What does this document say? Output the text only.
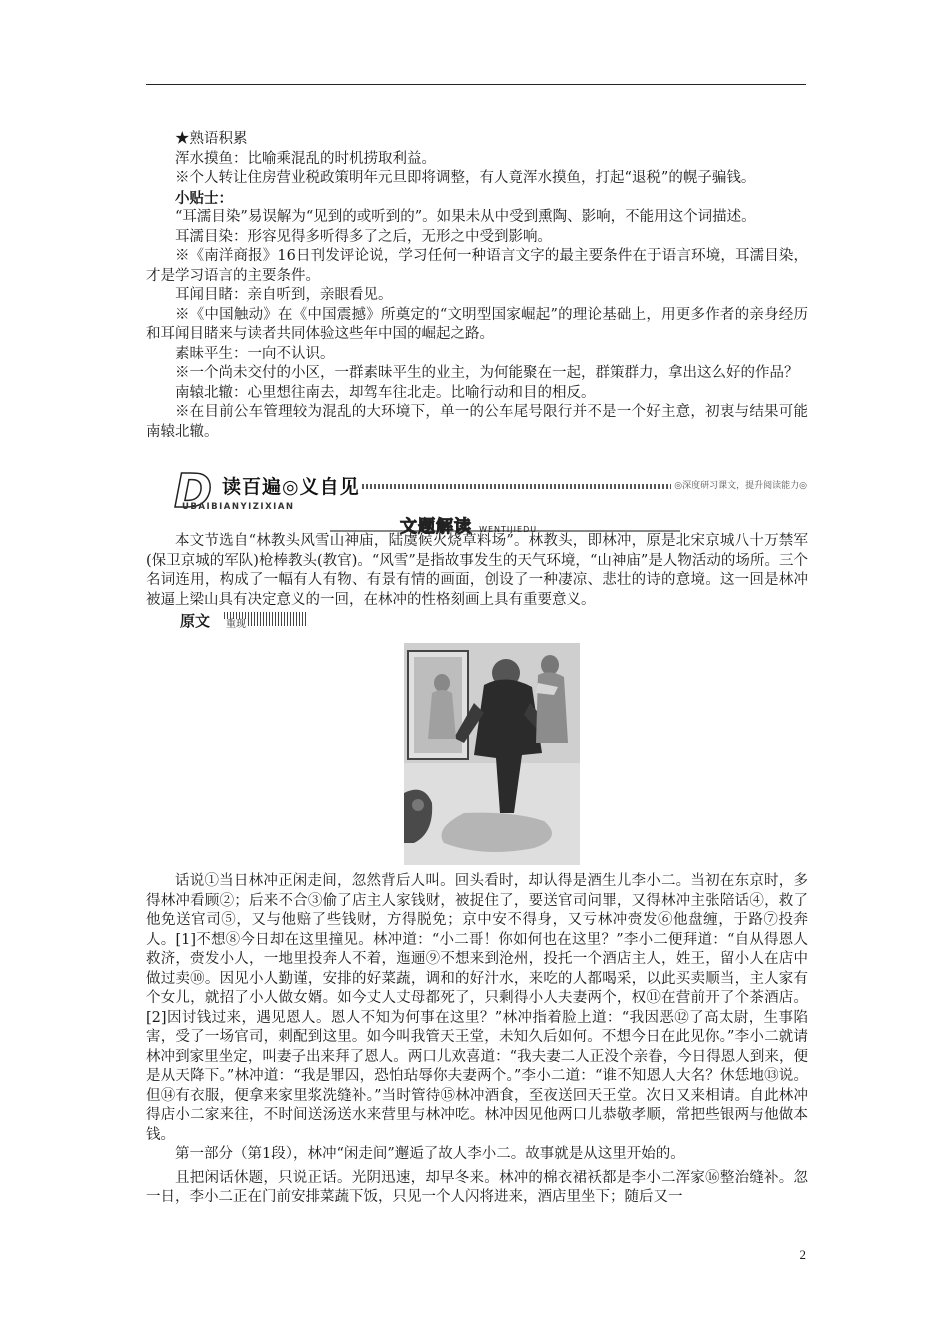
★熟语积累

浑水摸鱼：比喻乘混乱的时机捞取利益。

※个人转让住房营业税政策明年元旦即将调整，有人竟浑水摸鱼，打起“退税”的幌子骗钱。

小贴士：

“耳濡目染”易误解为“见到的或听到的”。如果未从中受到熏陶、影响，不能用这个词描述。

耳濡目染：形容见得多听得多了之后，无形之中受到影响。

※《南洋商报》16日刊发评论说，学习任何一种语言文字的最主要条件在于语言环境，耳濡目染，才是学习语言的主要条件。

耳闻目睹：亲自听到，亲眼看见。

※《中国触动》在《中国震撼》所奠定的“文明型国家崛起”的理论基础上，用更多作者的亲身经历和耳闻目睹来与读者共同体验这些年中国的崛起之路。

素昧平生：一向不认识。

※一个尚未交付的小区，一群素昧平生的业主，为何能聚在一起，群策群力，拿出这么好的作品？

南辕北辙：心里想往南去，却驾车往北走。比喻行动和目的相反。

※在目前公车管理较为混乱的大环境下，单一的公车尾号限行并不是一个好主意，初衷与结果可能南辕北辙。

D 读百遍◎义自见
UBAIBIANYIZIXIAN
◎深度研习课文，提升阅读能力◎
文题解读 WENTIJIEDU

本文节选自“林教头风雪山神庙，陆虞候火烧草料场”。林教头，即林冲，原是北宋京城八十万禁军(保卫京城的军队)枪棒教头(教官)。“风雪”是指故事发生的天气环境，“山神庙”是人物活动的场所。三个名词连用，构成了一幅有人有物、有景有情的画面，创设了一种凄凉、悲壮的诗的意境。这一回是林冲被逼上梁山具有决定意义的一回，在林冲的性格刻画上具有重要意义。

原文 重现

话说①当日林冲正闲走间，忽然背后人叫。回头看时，却认得是酒生儿李小二。当初在东京时，多得林冲看顾②；后来不合③偷了店主人家钱财，被捉住了，要送官司问罪，又得林冲主张陪话④，救了他免送官司⑤，又与他赔了些钱财，方得脱免；京中安不得身，又亏林冲赍发⑥他盘缠，于路⑦投奔人。[1]不想⑧今日却在这里撞见。林冲道：“小二哥！你如何也在这里？”李小二便拜道：“自从得恩人救济，赍发小人，一地里投奔人不着，迤逦⑨不想来到沧州，投托一个酒店主人，姓王，留小人在店中做过卖⑩。因见小人勤谨，安排的好菜蔬，调和的好汁水，来吃的人都喝采，以此买卖顺当，主人家有个女儿，就招了小人做女婿。如今丈人丈母都死了，只剩得小人夫妻两个，权⑪在营前开了个茶酒店。[2]因讨钱过来，遇见恩人。恩人不知为何事在这里？”林冲指着脸上道：“我因恶⑫了高太尉，生事陷害，受了一场官司，刺配到这里。如今叫我管天王堂，未知久后如何。不想今日在此见你。”李小二就请林冲到家里坐定，叫妻子出来拜了恩人。两口儿欢喜道：“我夫妻二人正没个亲眷，今日得恩人到来，便是从天降下。”林冲道：“我是罪囚，恐怕玷辱你夫妻两个。”李小二道：“谁不知恩人大名？休恁地⑬说。但⑭有衣服，便拿来家里浆洗缝补。”当时管待⑮林冲酒食，至夜送回天王堂。次日又来相请。自此林冲得店小二家来往，不时间送汤送水来营里与林冲吃。林冲因见他两口儿恭敬孝顺，常把些银两与他做本钱。

第一部分（第1段），林冲“闲走间”邂逅了故人李小二。故事就是从这里开始的。

且把闲话休题，只说正话。光阴迅速，却早冬来。林冲的棉衣裙袄都是李小二浑家⑯整治缝补。忽一日，李小二正在门前安排菜蔬下饭，只见一个人闪将进来，酒店里坐下；随后又一

2
